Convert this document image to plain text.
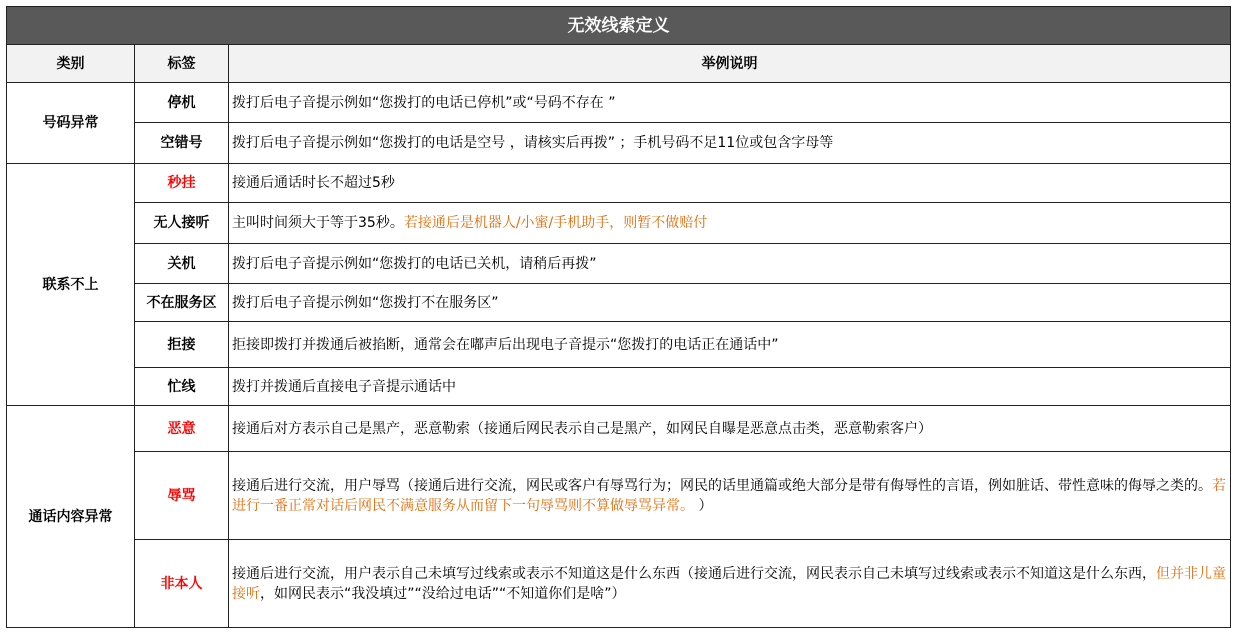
无效线索定义		
类别	标签	举例说明
号码异常	停机	拨打后电子音提示例如“您拨打的电话已停机”或“号码不存在 ”
	空错号	拨打后电子音提示例如“您拨打的电话是空号 ，请核实后再拨” ；手机号码不足11位或包含字母等
联系不上	秒挂	接通后通话时长不超过5秒
	无人接听	主叫时间须大于等于35秒。若接通后是机器人/小蜜/手机助手，则暂不做赔付
	关机	拨打后电子音提示例如“您拨打的电话已关机，请稍后再拨”
	不在服务区	拨打后电子音提示例如“您拨打不在服务区”
	拒接	拒接即拨打并拨通后被掐断，通常会在嘟声后出现电子音提示“您拨打的电话正在通话中”
	忙线	拨打并拨通后直接电子音提示通话中
通话内容异常	恶意	接通后对方表示自己是黑产，恶意勒索（接通后网民表示自己是黑产，如网民自曝是恶意点击类，恶意勒索客户）
	辱骂	接通后进行交流，用户辱骂（接通后进行交流，网民或客户有辱骂行为；网民的话里通篇或绝大部分是带有侮辱性的言语，例如脏话、带性意味的侮辱之类的。若进行一番正常对话后网民不满意服务从而留下一句辱骂则不算做辱骂异常。 ）
	非本人	接通后进行交流，用户表示自己未填写过线索或表示不知道这是什么东西（接通后进行交流，网民表示自己未填写过线索或表示不知道这是什么东西，但并非儿童接听，如网民表示“我没填过”“没给过电话”“不知道你们是啥”）
